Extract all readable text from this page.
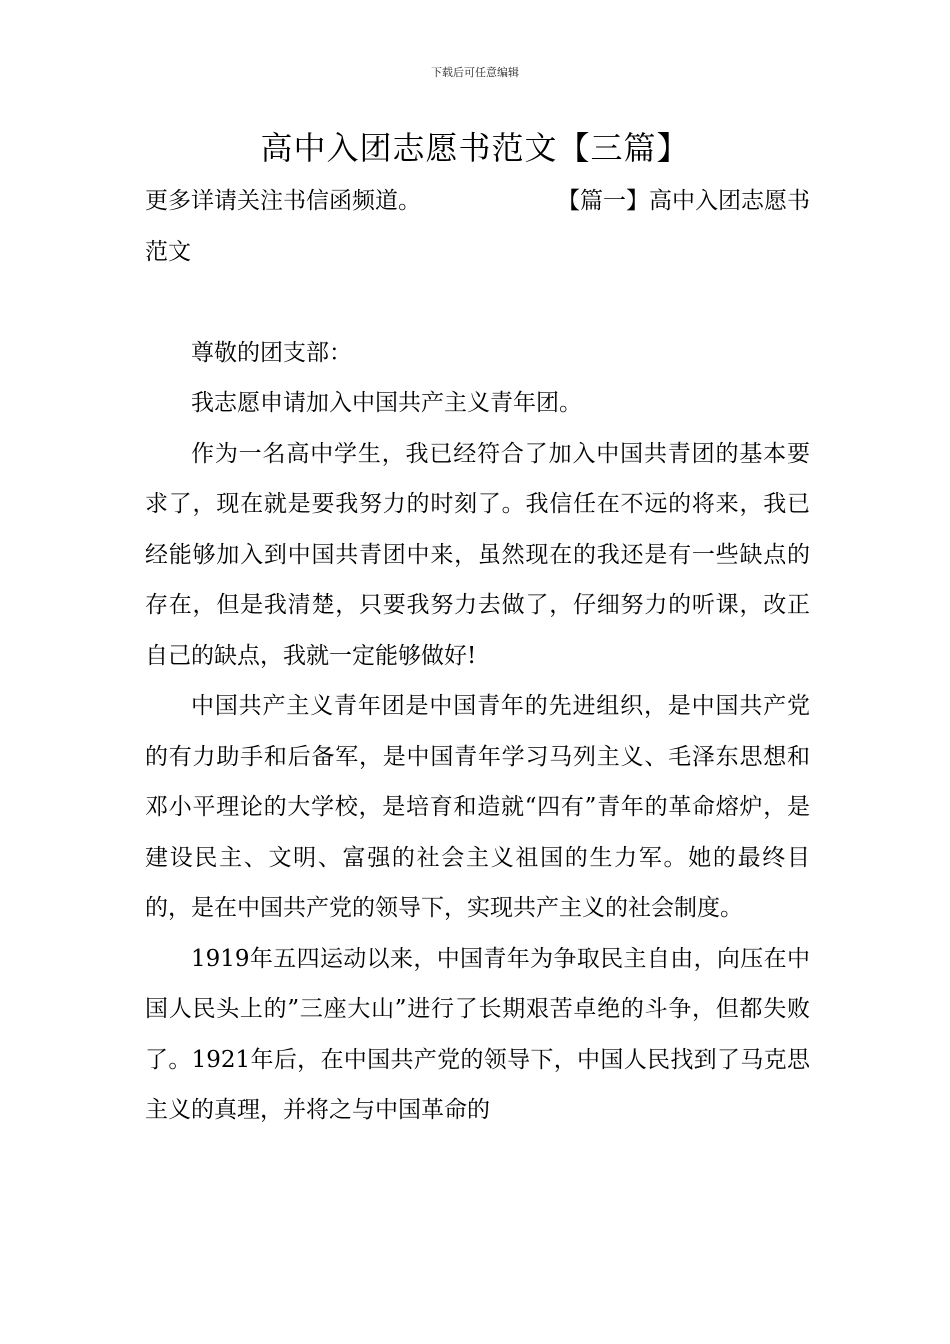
下载后可任意编辑
高中入团志愿书范文【三篇】
更多详请关注书信函频道。	【篇一】高中入团志愿书

范文

尊敬的团支部：

我志愿申请加入中国共产主义青年团。

作为一名高中学生，我已经符合了加入中国共青团的基本要求了，现在就是要我努力的时刻了。我信任在不远的将来，我已经能够加入到中国共青团中来，虽然现在的我还是有一些缺点的存在，但是我清楚，只要我努力去做了，仔细努力的听课，改正自己的缺点，我就一定能够做好!

中国共产主义青年团是中国青年的先进组织，是中国共产党的有力助手和后备军，是中国青年学习马列主义、毛泽东思想和邓小平理论的大学校，是培育和造就“四有”青年的革命熔炉，是建设民主、文明、富强的社会主义祖国的生力军。她的最终目的，是在中国共产党的领导下，实现共产主义的社会制度。

1919年五四运动以来，中国青年为争取民主自由，向压在中国人民头上的”三座大山”进行了长期艰苦卓绝的斗争，但都失败了。1921年后，在中国共产党的领导下，中国人民找到了马克思主义的真理，并将之与中国革命的
